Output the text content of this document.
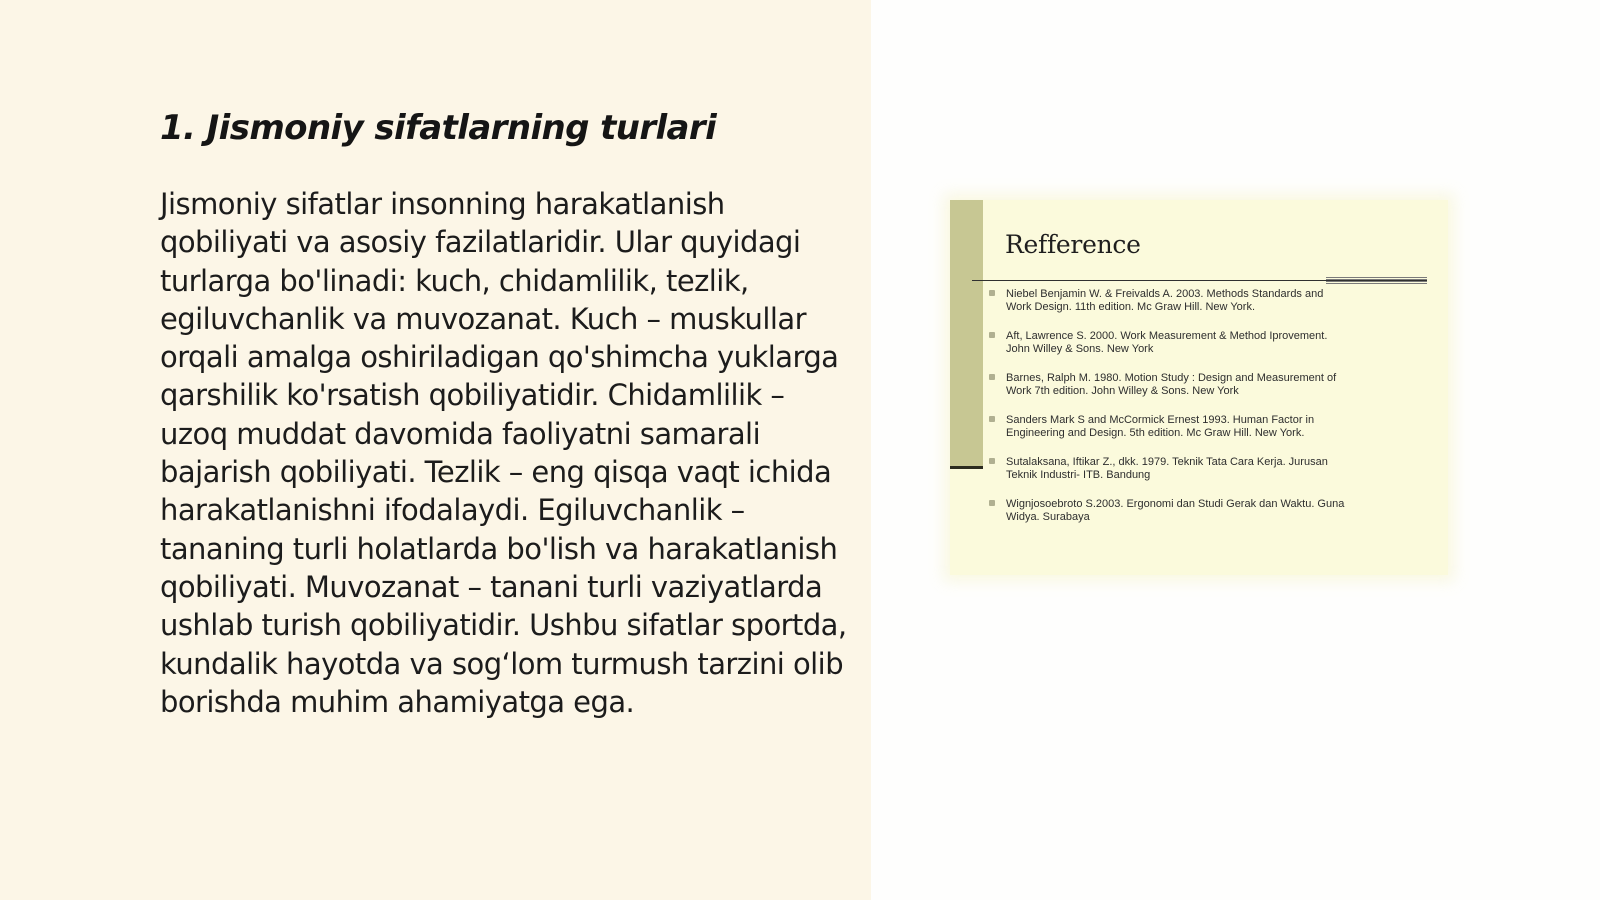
1. Jismoniy sifatlarning turlari

Jismoniy sifatlar insonning harakatlanish qobiliyati va asosiy fazilatlaridir. Ular quyidagi turlarga bo'linadi: kuch, chidamlilik, tezlik, egiluvchanlik va muvozanat. Kuch – muskullar orqali amalga oshiriladigan qo'shimcha yuklarga qarshilik ko'rsatish qobiliyatidir. Chidamlilik – uzoq muddat davomida faoliyatni samarali bajarish qobiliyati. Tezlik – eng qisqa vaqt ichida harakatlanishni ifodalaydi. Egiluvchanlik – tananing turli holatlarda bo'lish va harakatlanish qobiliyati. Muvozanat – tanani turli vaziyatlarda ushlab turish qobiliyatidir. Ushbu sifatlar sportda, kundalik hayotda va sog‘lom turmush tarzini olib borishda muhim ahamiyatga ega.

Refference
Niebel Benjamin W. & Freivalds A. 2003. Methods Standards and
Work Design. 11th edition. Mc Graw Hill. New York.
Aft, Lawrence S. 2000. Work Measurement & Method Iprovement.
John Willey & Sons. New York
Barnes, Ralph M. 1980. Motion Study : Design and Measurement of
Work 7th edition. John Willey & Sons. New York
Sanders Mark S and McCormick Ernest 1993. Human Factor in
Engineering and Design. 5th edition. Mc Graw Hill. New York.
Sutalaksana, Iftikar Z., dkk. 1979. Teknik Tata Cara Kerja. Jurusan
Teknik Industri- ITB. Bandung
Wignjosoebroto S.2003. Ergonomi dan Studi Gerak dan Waktu. Guna
Widya. Surabaya
